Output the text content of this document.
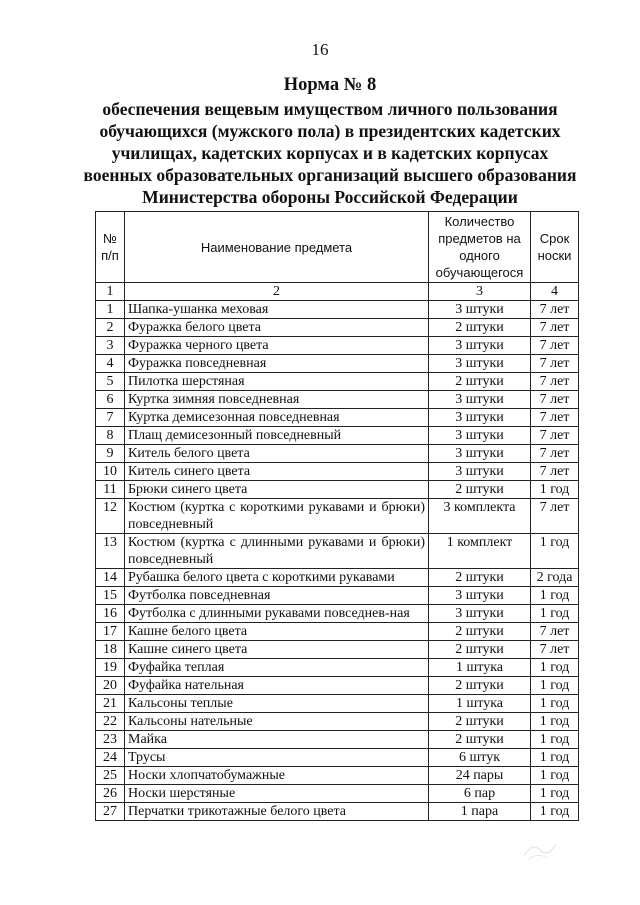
16
Норма № 8
обеспечения вещевым имуществом личного пользования
обучающихся (мужского пола) в президентских кадетских
училищах, кадетских корпусах и в кадетских корпусах
военных образовательных организаций высшего образования
Министерства обороны Российской Федерации
№ п/п	Наименование предмета	Количество предметов на одного обучающегося	Срок носки
1	2	3	4
1	Шапка-ушанка меховая	3 штуки	7 лет
2	Фуражка белого цвета	2 штуки	7 лет
3	Фуражка черного цвета	3 штуки	7 лет
4	Фуражка повседневная	3 штуки	7 лет
5	Пилотка шерстяная	2 штуки	7 лет
6	Куртка зимняя повседневная	3 штуки	7 лет
7	Куртка демисезонная повседневная	3 штуки	7 лет
8	Плащ демисезонный повседневный	3 штуки	7 лет
9	Китель белого цвета	3 штуки	7 лет
10	Китель синего цвета	3 штуки	7 лет
11	Брюки синего цвета	2 штуки	1 год
12	Костюм (куртка с короткими рукавами и брюки) повседневный	3 комплекта	7 лет
13	Костюм (куртка с длинными рукавами и брюки) повседневный	1 комплект	1 год
14	Рубашка белого цвета с короткими рукавами	2 штуки	2 года
15	Футболка повседневная	3 штуки	1 год
16	Футболка с длинными рукавами повседнев-ная	3 штуки	1 год
17	Кашне белого цвета	2 штуки	7 лет
18	Кашне синего цвета	2 штуки	7 лет
19	Фуфайка теплая	1 штука	1 год
20	Фуфайка нательная	2 штуки	1 год
21	Кальсоны теплые	1 штука	1 год
22	Кальсоны нательные	2 штуки	1 год
23	Майка	2 штуки	1 год
24	Трусы	6 штук	1 год
25	Носки хлопчатобумажные	24 пары	1 год
26	Носки шерстяные	6 пар	1 год
27	Перчатки трикотажные белого цвета	1 пара	1 год
